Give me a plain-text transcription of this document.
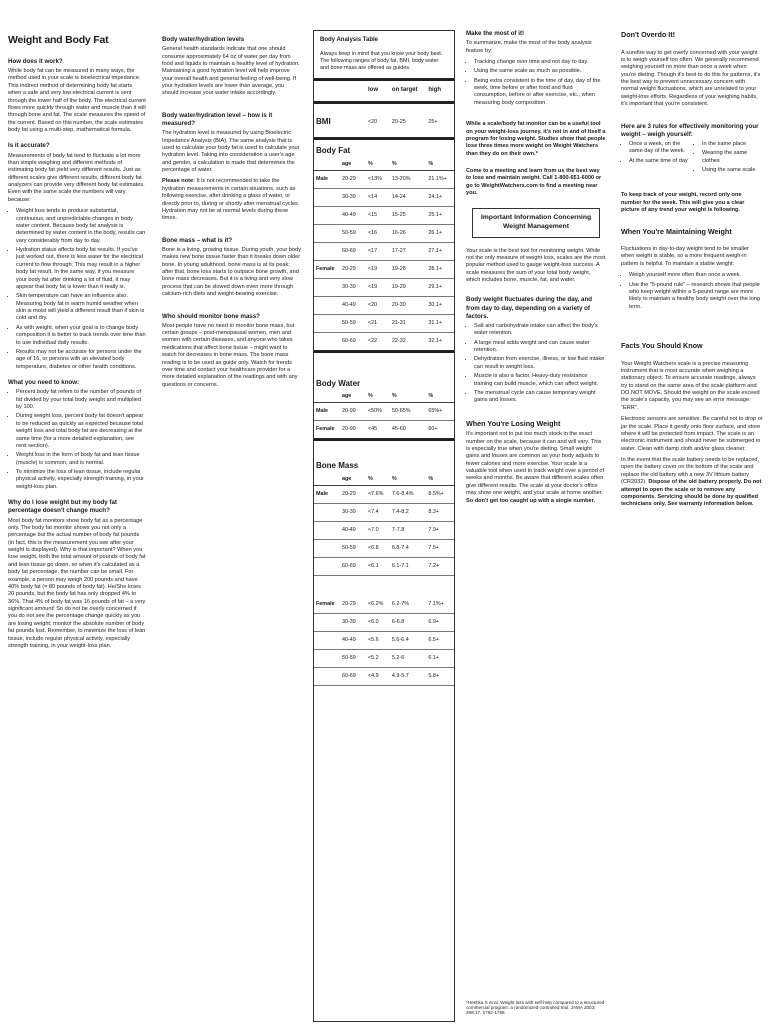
Weight and Body Fat
How does it work?

While body fat can be measured in many ways, the method used in your scale is bioelectrical impedance. This indirect method of determining body fat starts when a safe and very low electrical current is sent through the lower half of the body. The electrical current flows more quickly through water and muscle than it will through bone and fat. The scale measures the speed of the current. Based on this number, the scale estimates body fat using a multi-step, mathematical formula.

Is it accurate?

Measurements of body fat tend to fluctuate a lot more than simple weighing and different methods of estimating body fat yield very different results. Just as different scales give different results, different body fat analyzers can provide very different body fat estimates. Even with the same scale the numbers will vary because:

• Weight loss tends to produce substantial, continuous, and unpredictable changes in body water content. Because body fat analysis is determined by water content in the body, results can vary considerably from day to day.
• Hydration status affects body fat results. If you've just worked out, there is less water for the electrical current to flow through. This may result in a higher body fat result. In the same way, if you measure your body fat after drinking a lot of fluid, it may appear that body fat is lower than it really is.
• Skin temperature can have an influence also. Measuring body fat in warm humid weather when skin is moist will yield a different result than if skin is cold and dry.
• As with weight, when your goal is to change body composition it is better to track trends over time than to use individual daily results.
• Results may not be accurate for persons under the age of 16, or persons with an elevated body temperature, diabetes or other health conditions.
What you need to know:
• Percent body fat refers to the number of pounds of fat divided by your total body weight and multiplied by 100.
• During weight loss, percent body fat doesn't appear to be reduced as quickly as expected because total weight loss and total body fat are decreasing at the same time (for a more detailed explanation, see next section).
• Weight loss in the form of body fat and lean tissue (muscle) is common, and is normal.
• To minimize the loss of lean tissue, include regular physical activity, especially strength training, in your weight-loss plan.
Why do I lose weight but my body fat percentage doesn't change much?

Most body fat monitors show body fat as a percentage only. The body fat monitor shows you not only a percentage but the actual number of body fat pounds (in fact, this is the measurement you see after your weight is displayed). Why is that important? When you lose weight, both the total amount of pounds of body fat and lean tissue go down, so when it's calculated as a body fat percentage, the number can be small. For example, a person may weigh 200 pounds and have 40% body fat (= 80 pounds of body fat). He/She loses 20 pounds, but the body fat has only dropped 4% to 36%. That 4% of body fat was 16 pounds of fat – a very significant amount! So do not be overly concerned if you do not see the percentage change quickly as you are losing weight; monitor the absolute number of body fat pounds lost. Remember, to minimize the loss of lean tissue, include regular physical activity, especially strength training, in your weight-loss plan.

Body water/hydration levels

General health standards indicate that one should consume approximately 64 oz of water per day from food and liquids to maintain a healthy level of hydration. Maintaining a good hydration level will help improve your overall health and general feeling of well-being. If your hydration levels are lower than average, you should increase your water intake accordingly.

Body water/hydration level – how is it measured?

The hydration level is measured by using Bioelectric Impedance Analysis (BIA). The same analysis that is used to calculate your body fat is used to calculate your hydration level. Taking into consideration a user's age and gender, a calculation is made that determines the percentage of water.

Please note: It is not recommended to take the hydration measurements in certain situations, such as following exercise, after drinking a glass of water, or directly prior to, during or shortly after menstrual cycles. Hydration may not be at normal levels during these times.

Bone mass – what is it?

Bone is a living, growing tissue. During youth, your body makes new bone tissue faster than it breaks down older bone. In young adulthood, bone mass is at its peak; after that, bone loss starts to outpace bone growth, and bone mass decreases. But it is a living and very slow process that can be slowed down even more through calcium-rich diets and weight-bearing exercise.

Who should monitor bone mass?

Most people have no need to monitor bone mass, but certain groups – post-menopausal women, men and women with certain diseases, and anyone who takes medications that affect bone tissue – might want to watch for decreases in bone mass. The bone mass reading is to be used as guide only. Watch for trends over time and contact your healthcare provider for a more detailed explanation of the readings and with any questions or concerns.

Body Analysis Table
Always keep in mind that you know your body best. The following ranges of body fat, BMI, body water and bone mass are offered as guides.
		low	on target	high
BMI		<20	20-25	25+
Body Fat				
	age	%	%	%
Male	20-29	<13%	13-20%	21.1%+
	30-39	<14	14-24	24.1+
	40-49	<15	15-25	25.1+
	50-59	<16	16-26	26.1+
	60-69	<17	17-27	27.1+
Female	20-29	<19	19-28	28.1+
	30-39	<19	19-29	29.1+
	40-49	<20	20-30	30.1+
	50-59	<21	21-31	31.1+
	60-69	<22	22-32	32.1+
Body Water				
	age	%	%	%
Male	20-99	<50%	50-65%	65%+
Female	20-99	<45	45-60	60+
Bone Mass				
	age	%	%	%
Male	20-29	<7.6%	7.6-8.4%	8.5%+
	30-39	<7.4	7.4-8.2	8.3+
	40-49	<7.0	7-7.8	7.9+
	50-59	<6.8	6.8-7.4	7.5+
	60-69	<6.1	6.1-7.1	7.2+

Female	20-29	<6.2%	6.2-7%	7.1%+
	30-39	<6.0	6-6.8	6.9+
	40-49	<5.6	5.6-6.4	6.5+
	50-59	<5.2	5.2-6	6.1+
	60-69	<4.9	4.9-5.7	5.8+
Make the most of it!

To summarize, make the most of the body analysis feature by:

• Tracking change over time and not day to day.
• Using the same scale as much as possible.
• Being extra consistent in the time of day, day of the week, time before or after food and fluid consumption, before or after exercise, etc., when measuring body composition.

While a scale/body fat monitor can be a useful tool on your weight-loss journey, it's not in and of itself a program for losing weight. Studies show that people lose three times more weight on Weight Watchers than they do on their own.*

Come to a meeting and learn from us the best way to lose and maintain weight. Call 1-800-651-6000 or go to WeightWatchers.com to find a meeting near you.

Important Information Concerning Weight Management

Your scale is the best tool for monitoring weight. While not the only measure of weight loss, scales are the most popular method used to gauge weight-loss success. A scale measures the sum of your total body weight, which includes bone, muscle, fat, and water.

Body weight fluctuates during the day, and from day to day, depending on a variety of factors.
• Salt and carbohydrate intake can affect the body's water retention.
• A large meal adds weight and can cause water retention.
• Dehydration from exercise, illness, or low fluid intake can result in weight loss.
• Muscle is also a factor. Heavy-duty resistance training can build muscle, which can affect weight.
• The menstrual cycle can cause temporary weight gains and losses.
When You're Losing Weight

It's important not to put too much stock in the exact number on the scale, because it can and will vary. This is especially true when you're dieting. Small weight gains and losses are common as your body adjusts to fewer calories and more exercise. Your scale is a valuable tool when used to track weight over a period of weeks and months. Be aware that different scales often give different results. The scale at your doctor's office may show one weight, and your scale at home another. So don't get too caught up with a single number.

*Heshka S et al. Weight loss with self-help compared to a structured commercial program: a randomized controlled trial. JAMA 2003; 289:17, 1792-1798.
Don't Overdo It!

A surefire way to get overly concerned with your weight is to weigh yourself too often. We generally recommend weighing yourself no more than once a week when you're dieting. Though it's best to do this for patterns, it's the best way to prevent unnecessary concern with normal weight fluctuations, which are unrelated to your weight-loss efforts. Regardless of your weighing habits, it's important that you're consistent.

Here are 3 rules for effectively monitoring your weight – weigh yourself:
• Once a week, on the same day of the week.
• At the same time of day
• In the same place
• Wearing the same clothes
• Using the same scale

To keep track of your weight, record only one number for the week. This will give you a clear picture of any trend your weight is following.

When You're Maintaining Weight

Fluctuations in day-to-day weight tend to be smaller when weight is stable, so a more frequent weigh-in pattern is helpful. To maintain a stable weight:

• Weigh yourself more often than once a week.
• Use the "5-pound rule" – research shows that people who keep weight within a 5-pound range are more likely to maintain a healthy body weight over the long term.
Facts You Should Know

Your Weight Watchers scale is a precise measuring instrument that is most accurate when weighing a stationary object. To ensure accurate readings, always try to stand on the same area of the scale platform and DO NOT MOVE. Should the weight on the scale exceed the scale's capacity, you may see an error message: "ERR".

Electronic sensors are sensitive. Be careful not to drop or jar the scale. Place it gently onto floor surface, and store where it will be protected from impact. The scale is an electronic instrument and should never be submerged in water. Clean with damp cloth and/or glass cleaner.

In the event that the scale battery needs to be replaced, open the battery cover on the bottom of the scale and replace the old battery with a new 3V lithium battery (CR2032). Dispose of the old battery properly. Do not attempt to open the scale or to remove any components. Servicing should be done by qualified technicians only. See warranty information below.
